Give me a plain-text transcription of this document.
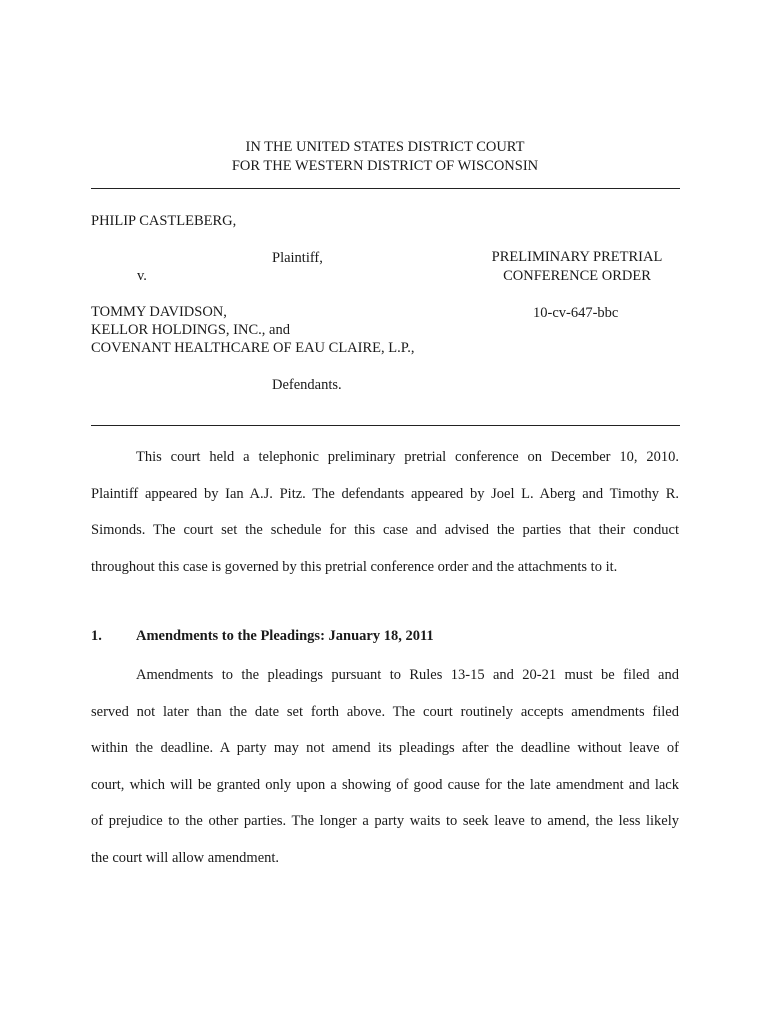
IN THE UNITED STATES DISTRICT COURT
FOR THE WESTERN DISTRICT OF WISCONSIN
PHILIP CASTLEBERG,
Plaintiff,
v.
PRELIMINARY PRETRIAL
CONFERENCE ORDER
TOMMY DAVIDSON,
KELLOR HOLDINGS, INC., and
COVENANT HEALTHCARE OF EAU CLAIRE, L.P.,
10-cv-647-bbc
Defendants.
This court held a telephonic preliminary pretrial conference on December 10, 2010.
Plaintiff appeared by Ian A.J. Pitz. The defendants appeared by Joel L. Aberg and Timothy R.
Simonds. The court set the schedule for this case and advised the parties that their conduct
throughout this case is governed by this pretrial conference order and the attachments to it.
1. Amendments to the Pleadings: January 18, 2011
Amendments to the pleadings pursuant to Rules 13-15 and 20-21 must be filed and
served not later than the date set forth above. The court routinely accepts amendments filed
within the deadline. A party may not amend its pleadings after the deadline without leave of
court, which will be granted only upon a showing of good cause for the late amendment and lack
of prejudice to the other parties. The longer a party waits to seek leave to amend, the less likely
the court will allow amendment.
